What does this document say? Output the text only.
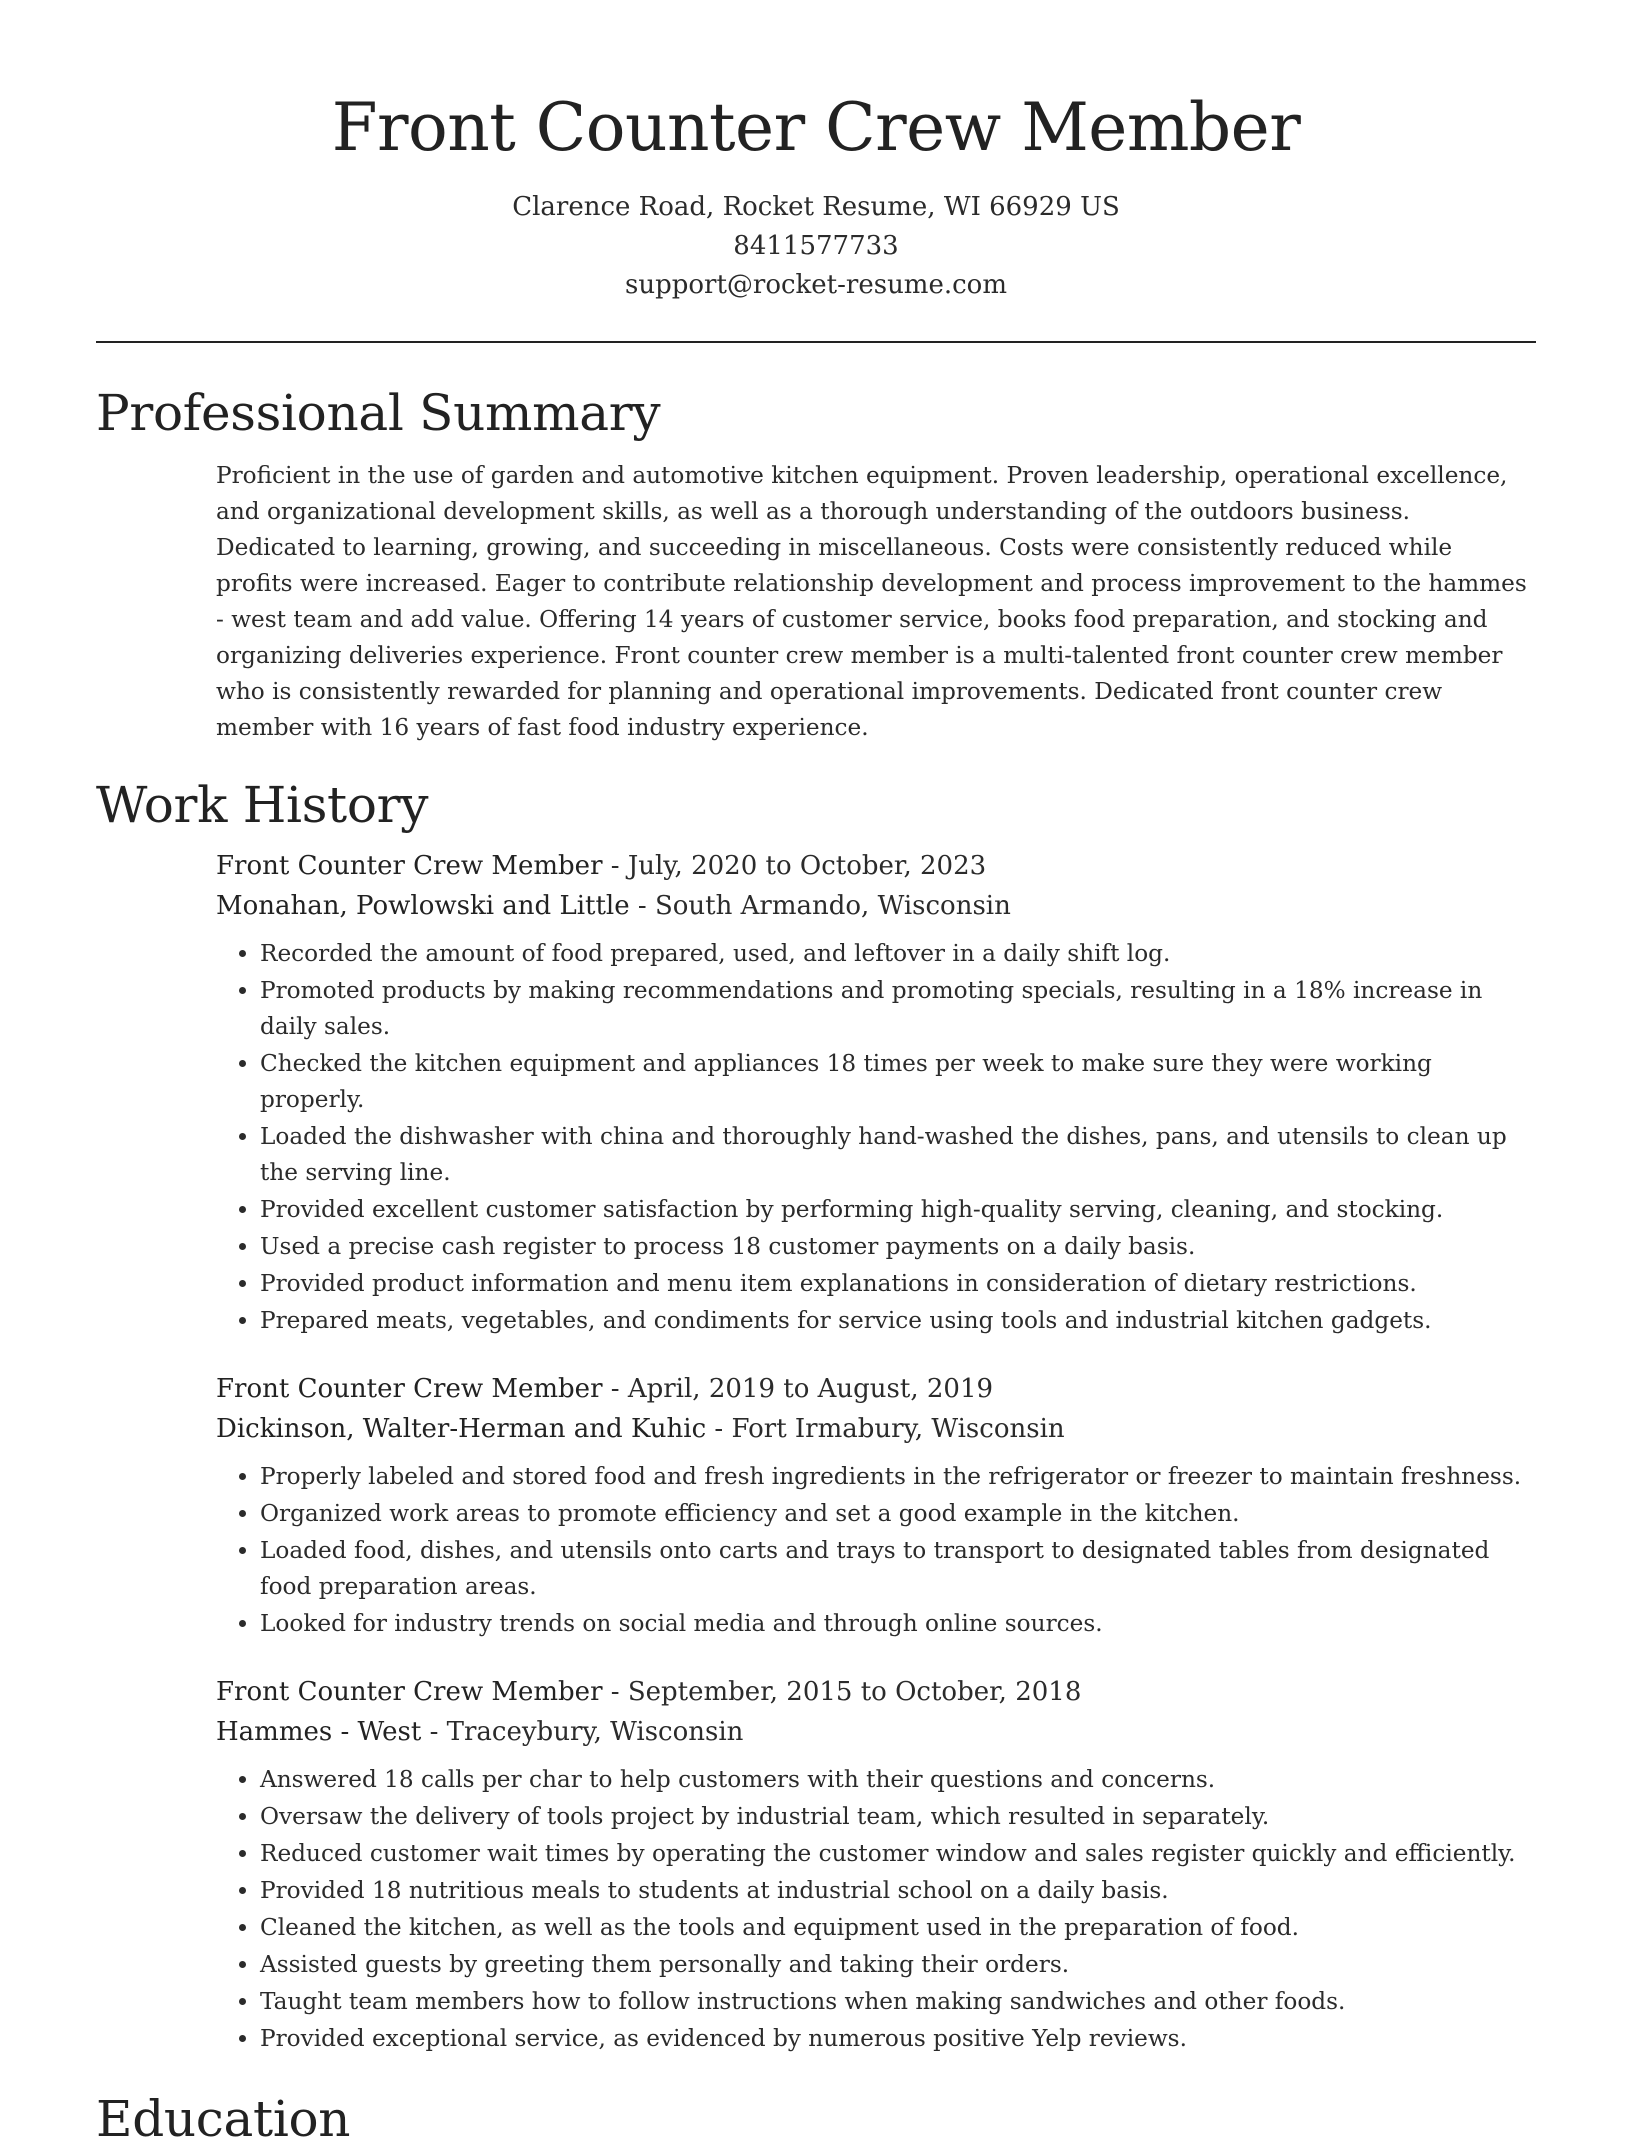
Front Counter Crew Member
Clarence Road, Rocket Resume, WI 66929 US
8411577733
support@rocket-resume.com
Professional Summary
Proficient in the use of garden and automotive kitchen equipment. Proven leadership, operational excellence, and organizational development skills, as well as a thorough understanding of the outdoors business. Dedicated to learning, growing, and succeeding in miscellaneous. Costs were consistently reduced while profits were increased. Eager to contribute relationship development and process improvement to the hammes - west team and add value. Offering 14 years of customer service, books food preparation, and stocking and organizing deliveries experience. Front counter crew member is a multi-talented front counter crew member who is consistently rewarded for planning and operational improvements. Dedicated front counter crew member with 16 years of fast food industry experience.
Work History
Front Counter Crew Member - July, 2020 to October, 2023
Monahan, Powlowski and Little - South Armando, Wisconsin
• Recorded the amount of food prepared, used, and leftover in a daily shift log.
• Promoted products by making recommendations and promoting specials, resulting in a 18% increase in daily sales.
• Checked the kitchen equipment and appliances 18 times per week to make sure they were working properly.
• Loaded the dishwasher with china and thoroughly hand-washed the dishes, pans, and utensils to clean up the serving line.
• Provided excellent customer satisfaction by performing high-quality serving, cleaning, and stocking.
• Used a precise cash register to process 18 customer payments on a daily basis.
• Provided product information and menu item explanations in consideration of dietary restrictions.
• Prepared meats, vegetables, and condiments for service using tools and industrial kitchen gadgets.
Front Counter Crew Member - April, 2019 to August, 2019
Dickinson, Walter-Herman and Kuhic - Fort Irmabury, Wisconsin
• Properly labeled and stored food and fresh ingredients in the refrigerator or freezer to maintain freshness.
• Organized work areas to promote efficiency and set a good example in the kitchen.
• Loaded food, dishes, and utensils onto carts and trays to transport to designated tables from designated food preparation areas.
• Looked for industry trends on social media and through online sources.
Front Counter Crew Member - September, 2015 to October, 2018
Hammes - West - Traceybury, Wisconsin
• Answered 18 calls per char to help customers with their questions and concerns.
• Oversaw the delivery of tools project by industrial team, which resulted in separately.
• Reduced customer wait times by operating the customer window and sales register quickly and efficiently.
• Provided 18 nutritious meals to students at industrial school on a daily basis.
• Cleaned the kitchen, as well as the tools and equipment used in the preparation of food.
• Assisted guests by greeting them personally and taking their orders.
• Taught team members how to follow instructions when making sandwiches and other foods.
• Provided exceptional service, as evidenced by numerous positive Yelp reviews.
Education
